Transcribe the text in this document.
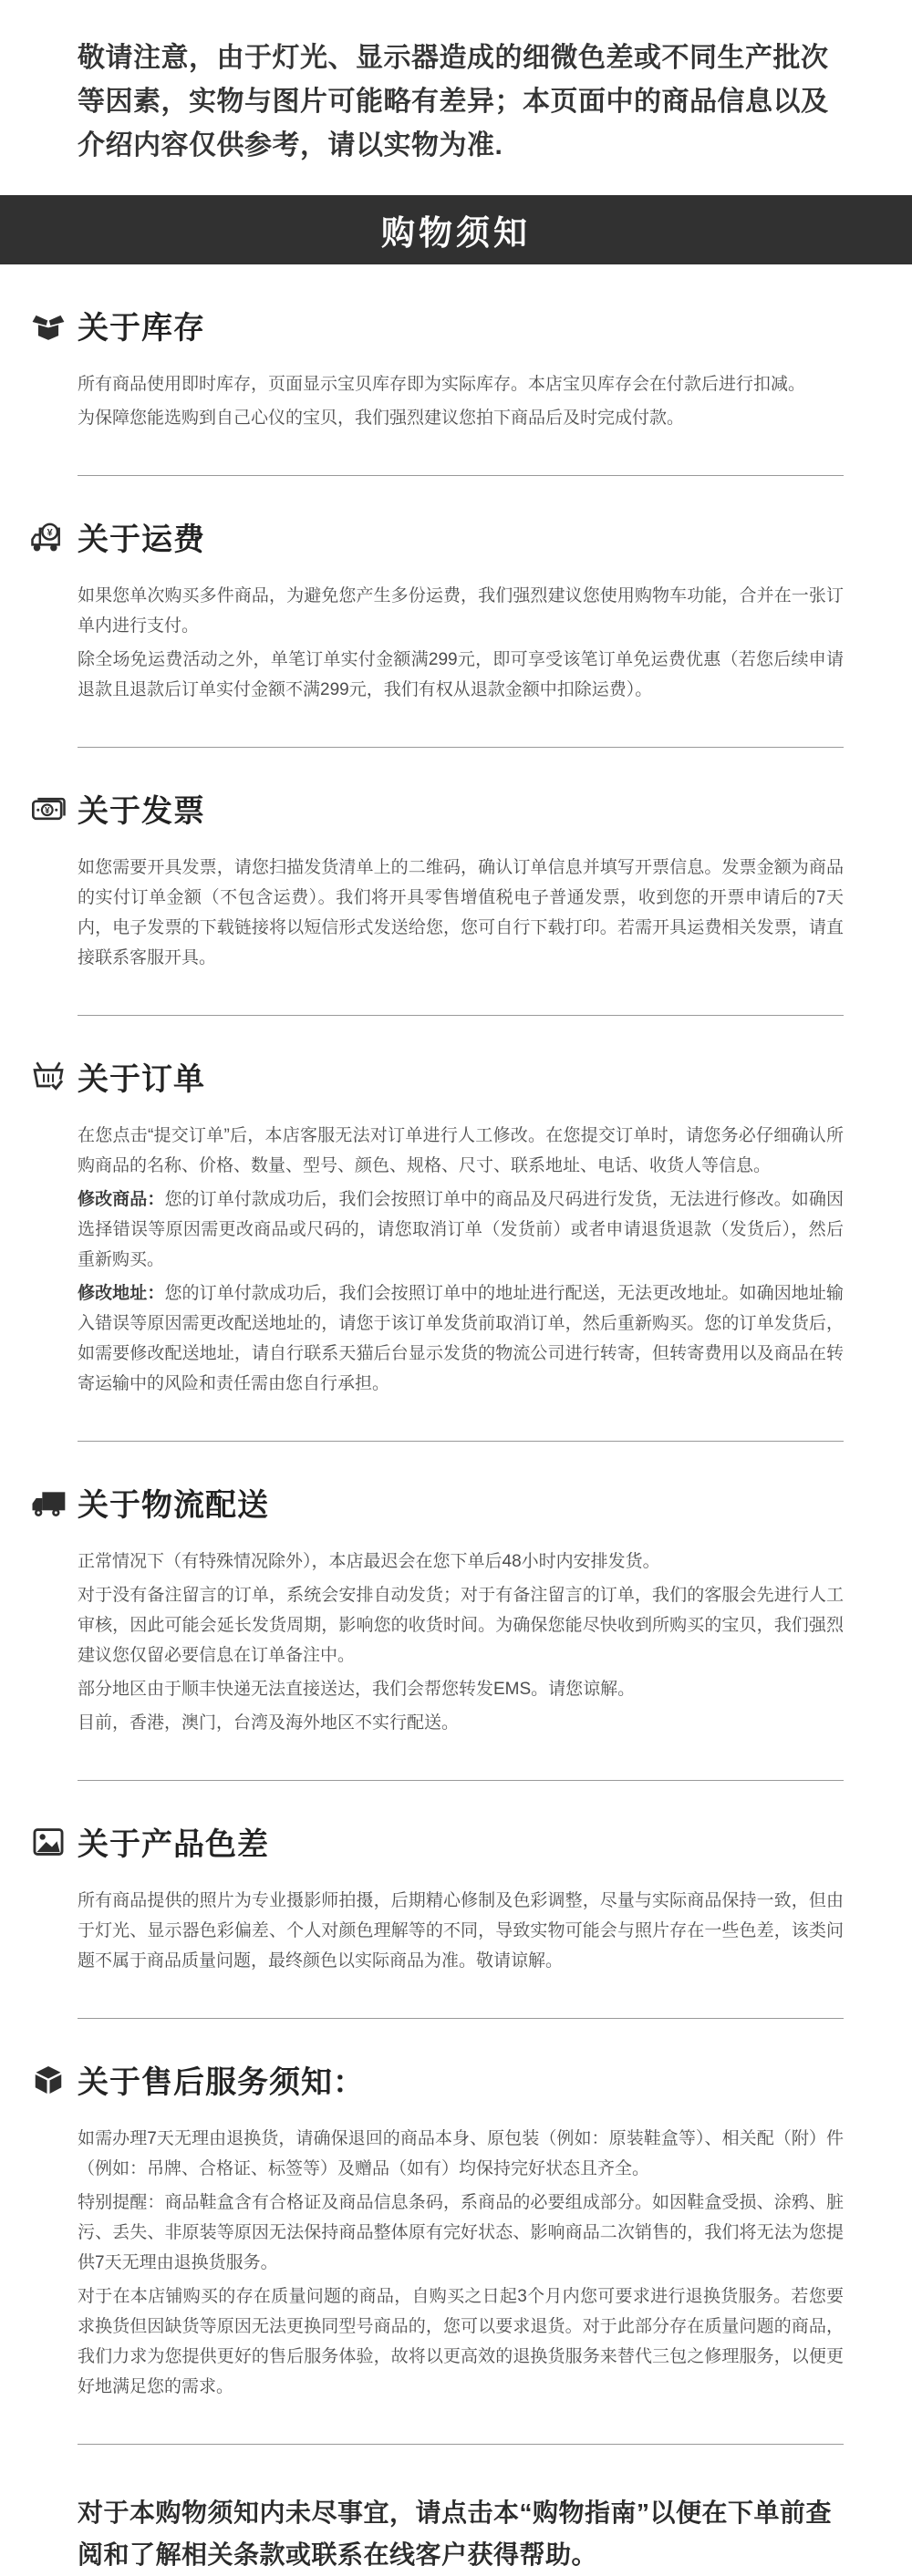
敬请注意，由于灯光、显示器造成的细微色差或不同生产批次等因素，实物与图片可能略有差异；本页面中的商品信息以及介绍内容仅供参考，请以实物为准.
购物须知
关于库存

所有商品使用即时库存，页面显示宝贝库存即为实际库存。本店宝贝库存会在付款后进行扣减。

为保障您能选购到自己心仪的宝贝，我们强烈建议您拍下商品后及时完成付款。

¥ 关于运费

如果您单次购买多件商品，为避免您产生多份运费，我们强烈建议您使用购物车功能，合并在一张订单内进行支付。

除全场免运费活动之外，单笔订单实付金额满299元，即可享受该笔订单免运费优惠（若您后续申请退款且退款后订单实付金额不满299元，我们有权从退款金额中扣除运费）。

¥ 关于发票

如您需要开具发票，请您扫描发货清单上的二维码，确认订单信息并填写开票信息。发票金额为商品的实付订单金额（不包含运费）。我们将开具零售增值税电子普通发票，收到您的开票申请后的7天内，电子发票的下载链接将以短信形式发送给您，您可自行下载打印。若需开具运费相关发票，请直接联系客服开具。

关于订单

在您点击“提交订单”后，本店客服无法对订单进行人工修改。在您提交订单时，请您务必仔细确认所购商品的名称、价格、数量、型号、颜色、规格、尺寸、联系地址、电话、收货人等信息。

修改商品：您的订单付款成功后，我们会按照订单中的商品及尺码进行发货，无法进行修改。如确因选择错误等原因需更改商品或尺码的，请您取消订单（发货前）或者申请退货退款（发货后），然后重新购买。

修改地址：您的订单付款成功后，我们会按照订单中的地址进行配送，无法更改地址。如确因地址输入错误等原因需更改配送地址的，请您于该订单发货前取消订单，然后重新购买。您的订单发货后，如需要修改配送地址，请自行联系天猫后台显示发货的物流公司进行转寄，但转寄费用以及商品在转寄运输中的风险和责任需由您自行承担。

关于物流配送

正常情况下（有特殊情况除外），本店最迟会在您下单后48小时内安排发货。

对于没有备注留言的订单，系统会安排自动发货；对于有备注留言的订单，我们的客服会先进行人工审核，因此可能会延长发货周期，影响您的收货时间。为确保您能尽快收到所购买的宝贝，我们强烈建议您仅留必要信息在订单备注中。

部分地区由于顺丰快递无法直接送达，我们会帮您转发EMS。请您谅解。

目前，香港，澳门，台湾及海外地区不实行配送。

关于产品色差

所有商品提供的照片为专业摄影师拍摄，后期精心修制及色彩调整，尽量与实际商品保持一致，但由于灯光、显示器色彩偏差、个人对颜色理解等的不同，导致实物可能会与照片存在一些色差，该类问题不属于商品质量问题，最终颜色以实际商品为准。敬请谅解。

关于售后服务须知：

如需办理7天无理由退换货，请确保退回的商品本身、原包装（例如：原装鞋盒等）、相关配（附）件（例如：吊牌、合格证、标签等）及赠品（如有）均保持完好状态且齐全。

特别提醒：商品鞋盒含有合格证及商品信息条码，系商品的必要组成部分。如因鞋盒受损、涂鸦、脏污、丢失、非原装等原因无法保持商品整体原有完好状态、影响商品二次销售的，我们将无法为您提供7天无理由退换货服务。

对于在本店铺购买的存在质量问题的商品，自购买之日起3个月内您可要求进行退换货服务。若您要求换货但因缺货等原因无法更换同型号商品的，您可以要求退货。对于此部分存在质量问题的商品，我们力求为您提供更好的售后服务体验，故将以更高效的退换货服务来替代三包之修理服务，以便更好地满足您的需求。

对于本购物须知内未尽事宜，请点击本“购物指南”以便在下单前查阅和了解相关条款或联系在线客户获得帮助。
